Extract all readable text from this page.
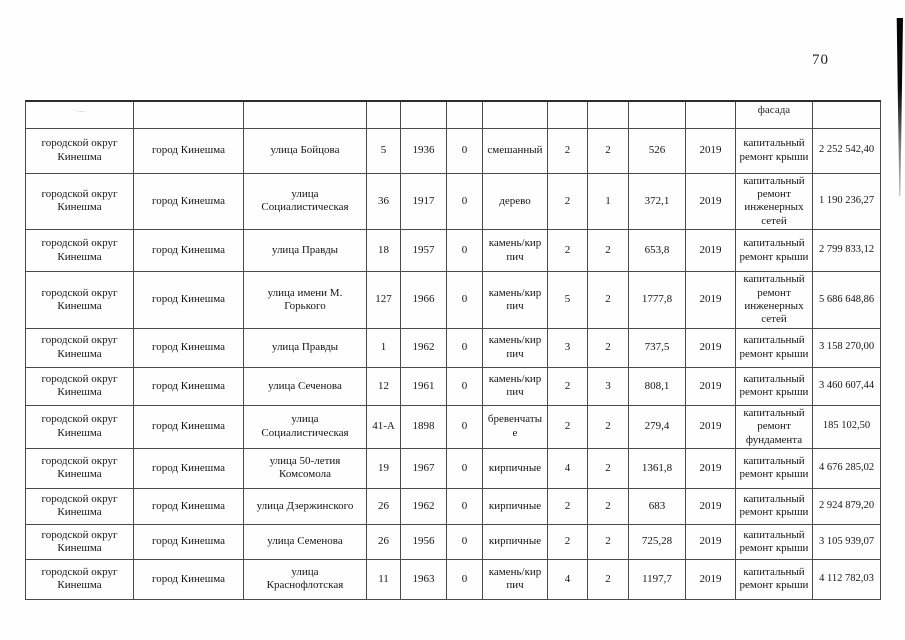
70
·—											фасада	
городской округ Кинешма	город Кинешма	улица Бойцова	5	1936	0	смешанный	2	2	526	2019	капитальный ремонт крыши	2 252 542,40
городской округ Кинешма	город Кинешма	улица Социалистическая	36	1917	0	дерево	2	1	372,1	2019	капитальный ремонт инженерных сетей	1 190 236,27
городской округ Кинешма	город Кинешма	улица Правды	18	1957	0	камень/кирпич	2	2	653,8	2019	капитальный ремонт крыши	2 799 833,12
городской округ Кинешма	город Кинешма	улица имени М. Горького	127	1966	0	камень/кирпич	5	2	1777,8	2019	капитальный ремонт инженерных сетей	5 686 648,86
городской округ Кинешма	город Кинешма	улица Правды	1	1962	0	камень/кирпич	3	2	737,5	2019	капитальный ремонт крыши	3 158 270,00
городской округ Кинешма	город Кинешма	улица Сеченова	12	1961	0	камень/кирпич	2	3	808,1	2019	капитальный ремонт крыши	3 460 607,44
городской округ Кинешма	город Кинешма	улица Социалистическая	41-А	1898	0	бревенчатые	2	2	279,4	2019	капитальный ремонт фундамента	185 102,50
городской округ Кинешма	город Кинешма	улица 50-летия Комсомола	19	1967	0	кирпичные	4	2	1361,8	2019	капитальный ремонт крыши	4 676 285,02
городской округ Кинешма	город Кинешма	улица Дзержинского	26	1962	0	кирпичные	2	2	683	2019	капитальный ремонт крыши	2 924 879,20
городской округ Кинешма	город Кинешма	улица Семенова	26	1956	0	кирпичные	2	2	725,28	2019	капитальный ремонт крыши	3 105 939,07
городской округ Кинешма	город Кинешма	улица Краснофлотская	11	1963	0	камень/кирпич	4	2	1197,7	2019	капитальный ремонт крыши	4 112 782,03
